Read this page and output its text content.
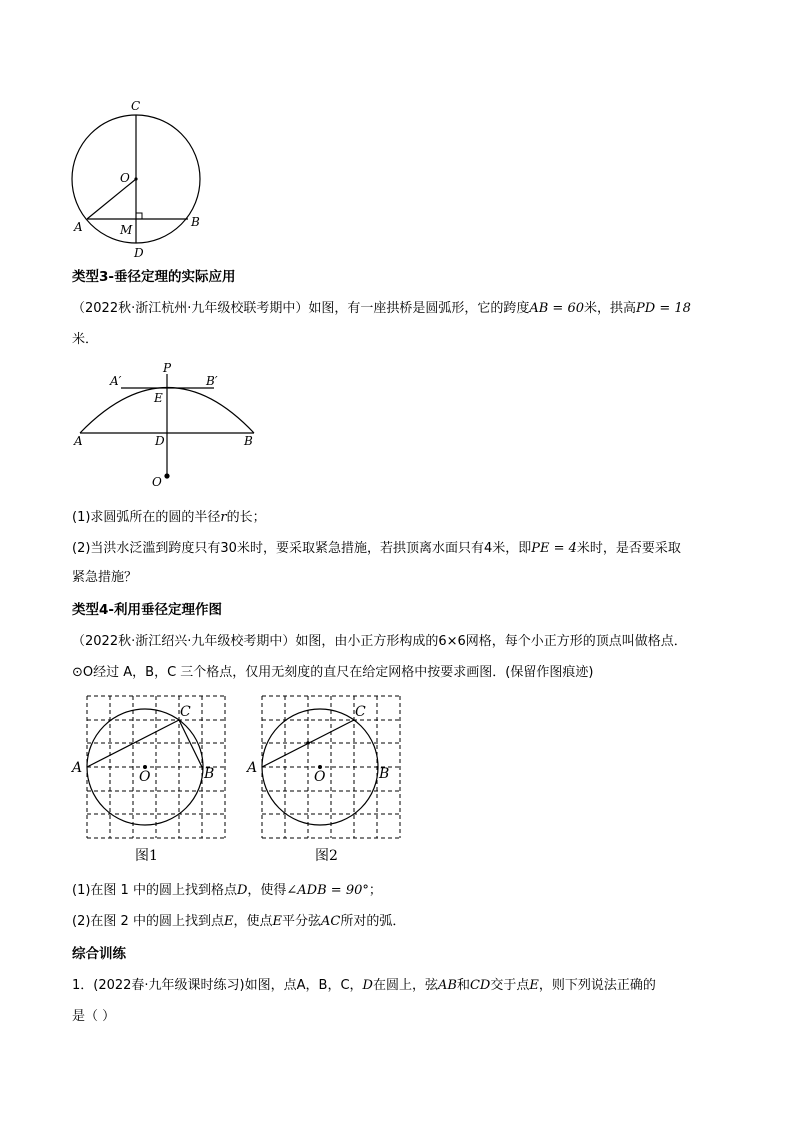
C
O
A	M
B
D
类型3-垂径定理的实际应用
（2022秋·浙江杭州·九年级校联考期中）如图，有一座拱桥是圆弧形，它的跨度AB = 60米，拱高PD = 18
米．
A′
P
B′
E
A	D	B
O
(1)求圆弧所在的圆的半径r的长；
(2)当洪水泛滥到跨度只有30米时，要采取紧急措施，若拱顶离水面只有4米，即PE = 4米时，是否要采取
紧急措施？
类型4-利用垂径定理作图
（2022秋·浙江绍兴·九年级校考期中）如图，由小正方形构成的6×6网格，每个小正方形的顶点叫做格点．
⊙O经过 A，B，C 三个格点，仅用无刻度的直尺在给定网格中按要求画图．(保留作图痕迹)
A
C
O	B
图1
A
C
O	B
图2
(1)在图 1 中的圆上找到格点D，使得∠ADB = 90°；
(2)在图 2 中的圆上找到点E，使点E平分弦AC所对的弧．
综合训练
1．(2022春·九年级课时练习)如图，点A，B，C，D在圆上，弦AB和CD交于点E，则下列说法正确的
是（ ）
